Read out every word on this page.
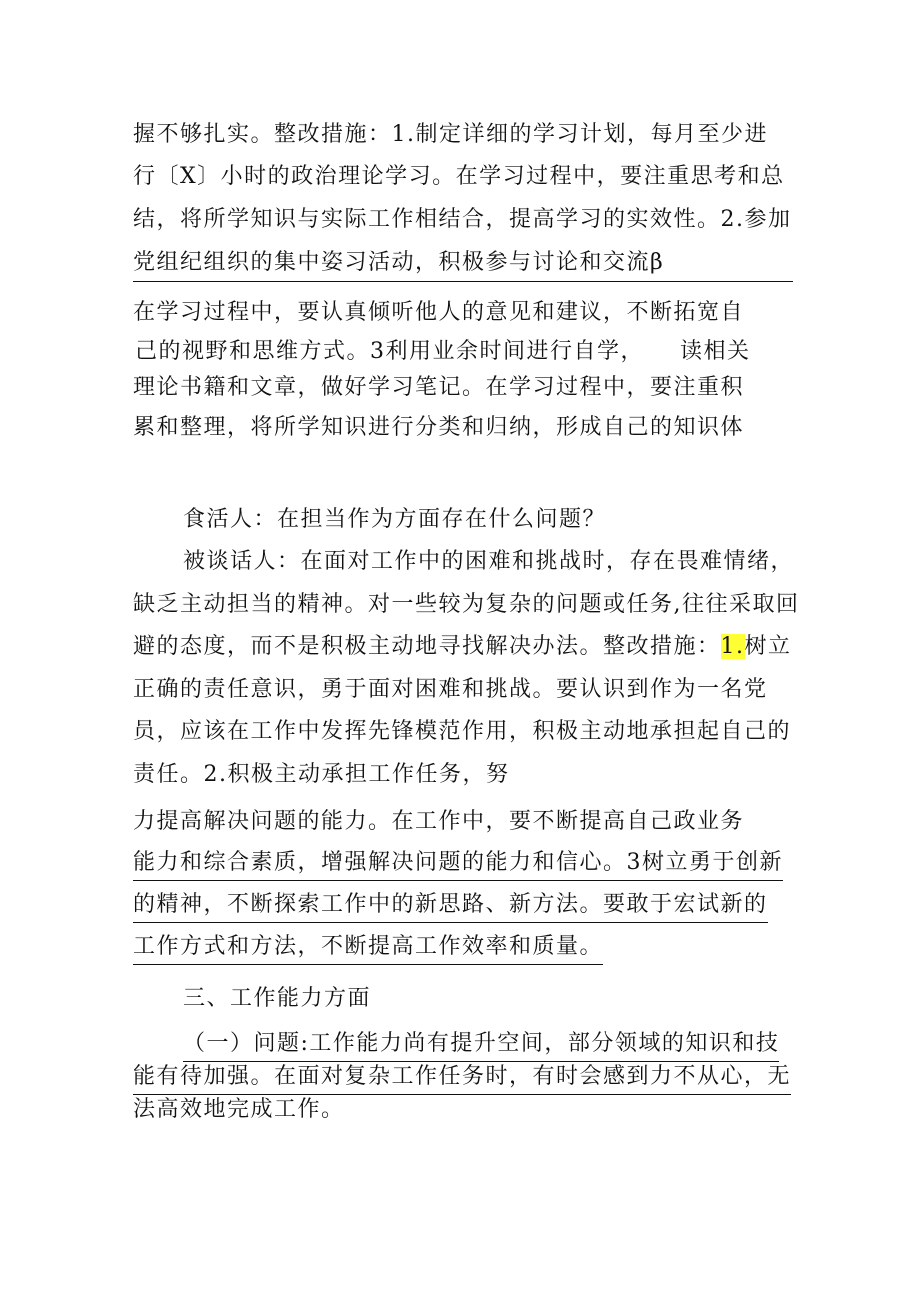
握不够扎实。整改措施：1.制定详细的学习计划，每月至少进
行〔X〕小时的政治理论学习。在学习过程中，要注重思考和总
结，将所学知识与实际工作相结合，提高学习的实效性。2.参加
党组纪组织的集中姿习活动，积极参与讨论和交流β
在学习过程中，要认真倾听他人的意见和建议，不断拓宽自
己的视野和思维方式。3利用业余时间进行自学， 读相关
理论书籍和文章，做好学习笔记。在学习过程中，要注重积
累和整理，将所学知识进行分类和归纳，形成自己的知识体
食活人：在担当作为方面存在什么问题？
被谈话人：在面对工作中的困难和挑战时，存在畏难情绪，
缺乏主动担当的精神。对一些较为复杂的问题或任务,往往采取回
避的态度，而不是积极主动地寻找解决办法。整改措施：1.树立
正确的责任意识，勇于面对困难和挑战。要认识到作为一名党
员，应该在工作中发挥先锋模范作用，积极主动地承担起自己的
责任。2.积极主动承担工作任务，努
力提高解决问题的能力。在工作中，要不断提高自己政业务
能力和综合素质，增强解决问题的能力和信心。3树立勇于创新
的精神，不断探索工作中的新思路、新方法。要敢于宏试新的
工作方式和方法，不断提高工作效率和质量。
三、工作能力方面
（一）问题:工作能力尚有提升空间，部分领域的知识和技
能有待加强。在面对复杂工作任务时，有时会感到力不从心，无
法高效地完成工作。
